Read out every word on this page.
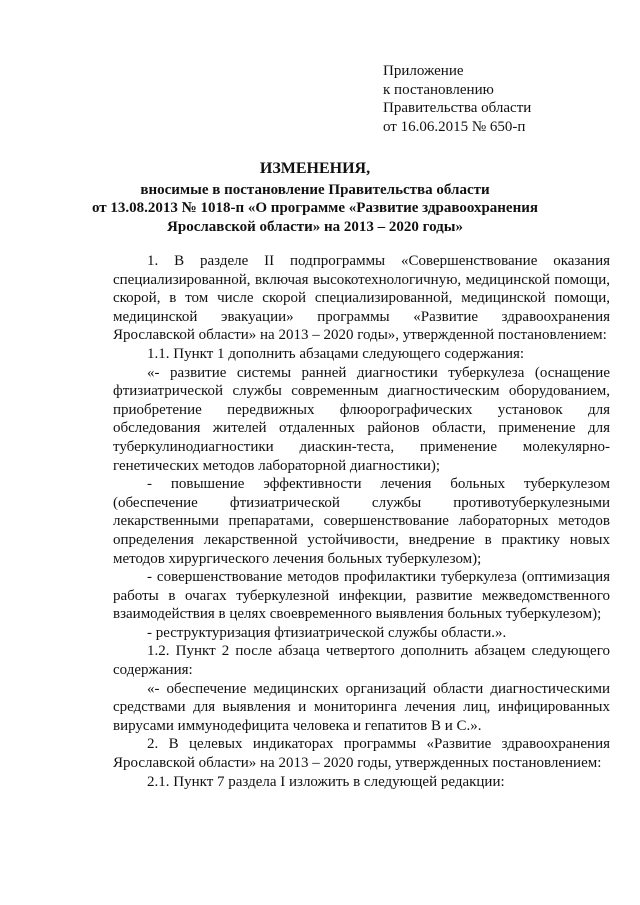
Приложение
к постановлению
Правительства области
от 16.06.2015 № 650-п
ИЗМЕНЕНИЯ,
вносимые в постановление Правительства области
от 13.08.2013 № 1018-п «О программе «Развитие здравоохранения
Ярославской области» на 2013 – 2020 годы»

1. В разделе II подпрограммы «Совершенствование оказания специализированной, включая высокотехнологичную, медицинской помощи, скорой, в том числе скорой специализированной, медицинской помощи, медицинской эвакуации» программы «Развитие здравоохранения Ярославской области» на 2013 – 2020 годы», утвержденной постановлением:

1.1. Пункт 1 дополнить абзацами следующего содержания:

«- развитие системы ранней диагностики туберкулеза (оснащение фтизиатрической службы современным диагностическим оборудованием, приобретение передвижных флюорографических установок для обследования жителей отдаленных районов области, применение для туберкулинодиагностики диаскин-теста, применение молекулярно-генетических методов лабораторной диагностики);

- повышение эффективности лечения больных туберкулезом (обеспечение фтизиатрической службы противотуберкулезными лекарственными препаратами, совершенствование лабораторных методов определения лекарственной устойчивости, внедрение в практику новых методов хирургического лечения больных туберкулезом);

- совершенствование методов профилактики туберкулеза (оптимизация работы в очагах туберкулезной инфекции, развитие межведомственного взаимодействия в целях своевременного выявления больных туберкулезом);

- реструктуризация фтизиатрической службы области.».

1.2. Пункт 2 после абзаца четвертого дополнить абзацем следующего содержания:

«- обеспечение медицинских организаций области диагностическими средствами для выявления и мониторинга лечения лиц, инфицированных вирусами иммунодефицита человека и гепатитов В и С.».

2. В целевых индикаторах программы «Развитие здравоохранения Ярославской области» на 2013 – 2020 годы, утвержденных постановлением:

2.1. Пункт 7 раздела I изложить в следующей редакции:
